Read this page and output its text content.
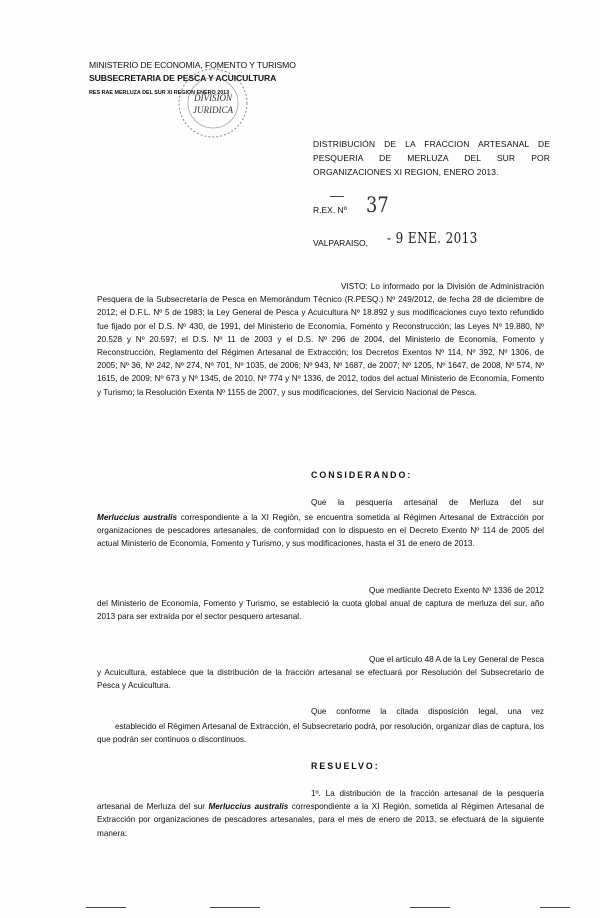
MINISTERIO DE ECONOMIA, FOMENTO Y TURISMO
SUBSECRETARIA DE PESCA Y ACUICULTURA
RES RAE MERLUZA DEL SUR XI REGION ENERO 2013
DIVISION
JURIDICA
DISTRIBUCIÓN DE LA FRACCION ARTESANAL DE PESQUERIA DE MERLUZA DEL SUR POR ORGANIZACIONES XI REGION, ENERO 2013.
R.EX. Nº 37
VALPARAISO, - 9 ENE. 2013
VISTO: Lo informado por la División de Administración Pesquera de la Subsecretaría de Pesca en Memorándum Técnico (R.PESQ.) Nº 249/2012, de fecha 28 de diciembre de 2012; el D.F.L. Nº 5 de 1983; la Ley General de Pesca y Acuicultura Nº 18.892 y sus modificaciones cuyo texto refundido fue fijado por el D.S. Nº 430, de 1991, del Ministerio de Economía, Fomento y Reconstrucción; las Leyes Nº 19.880, Nº 20.528 y Nº 20.597; el D.S. Nº 11 de 2003 y el D.S. Nº 296 de 2004, del Ministerio de Economía, Fomento y Reconstrucción, Reglamento del Régimen Artesanal de Extracción; los Decretos Exentos Nº 114, Nº 392, Nº 1306, de 2005; Nº 36, Nº 242, Nº 274, Nº 701, Nº 1035, de 2006; Nº 943, Nº 1687, de 2007; Nº 1205, Nº 1647, de 2008, Nº 574, Nº 1615, de 2009; Nº 673 y Nº 1345, de 2010, Nº 774 y Nº 1336, de 2012, todos del actual Ministerio de Economía, Fomento y Turismo; la Resolución Exenta Nº 1155 de 2007, y sus modificaciones, del Servicio Nacional de Pesca.
CONSIDERANDO:
Que la pesquería artesanal de Merluza del sur
Merluccius australis correspondiente a la XI Región, se encuentra sometida al Régimen Artesanal de Extracción por organizaciones de pescadores artesanales, de conformidad con lo dispuesto en el Decreto Exento Nº 114 de 2005 del actual Ministerio de Economía, Fomento y Turismo, y sus modificaciones, hasta el 31 de enero de 2013.
Que mediante Decreto Exento Nº 1336 de 2012 del Ministerio de Economía, Fomento y Turismo, se estableció la cuota global anual de captura de merluza del sur, año 2013 para ser extraída por el sector pesquero artesanal.
Que el artículo 48 A de la Ley General de Pesca y Acuicultura, establece que la distribución de la fracción artesanal se efectuará por Resolución del Subsecretario de Pesca y Acuicultura.
Que conforme la citada disposición legal, una vez
establecido el Régimen Artesanal de Extracción, el Subsecretario podrá, por resolución, organizar días de captura, los que podrán ser continuos o discontinuos.
RESUELVO:
1º. La distribución de la fracción artesanal de la pesquería artesanal de Merluza del sur Merluccius australis correspondiente a la XI Región, sometida al Régimen Artesanal de Extracción por organizaciones de pescadores artesanales, para el mes de enero de 2013, se efectuará de la siguiente manera:
